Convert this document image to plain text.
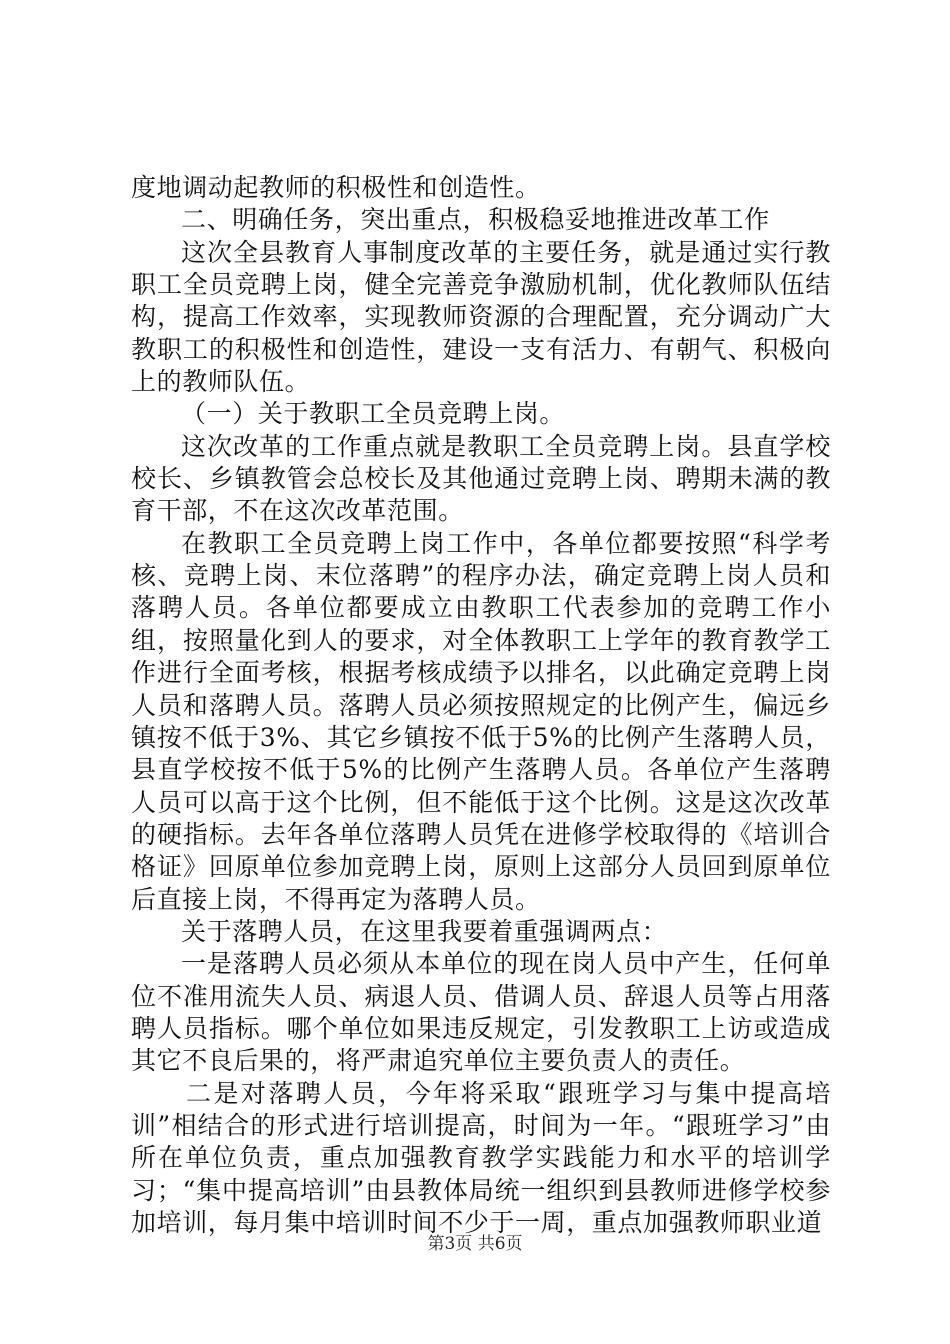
度地调动起教师的积极性和创造性。

二、明确任务，突出重点，积极稳妥地推进改革工作

这次全县教育人事制度改革的主要任务，就是通过实行教职工全员竞聘上岗，健全完善竞争激励机制，优化教师队伍结构，提高工作效率，实现教师资源的合理配置，充分调动广大教职工的积极性和创造性，建设一支有活力、有朝气、积极向上的教师队伍。

（一）关于教职工全员竞聘上岗。

这次改革的工作重点就是教职工全员竞聘上岗。县直学校校长、乡镇教管会总校长及其他通过竞聘上岗、聘期未满的教育干部，不在这次改革范围。

在教职工全员竞聘上岗工作中，各单位都要按照“科学考核、竞聘上岗、末位落聘”的程序办法，确定竞聘上岗人员和落聘人员。各单位都要成立由教职工代表参加的竞聘工作小组，按照量化到人的要求，对全体教职工上学年的教育教学工作进行全面考核，根据考核成绩予以排名，以此确定竞聘上岗人员和落聘人员。落聘人员必须按照规定的比例产生，偏远乡镇按不低于3%、其它乡镇按不低于5%的比例产生落聘人员，县直学校按不低于5%的比例产生落聘人员。各单位产生落聘人员可以高于这个比例，但不能低于这个比例。这是这次改革的硬指标。去年各单位落聘人员凭在进修学校取得的《培训合格证》回原单位参加竞聘上岗，原则上这部分人员回到原单位后直接上岗，不得再定为落聘人员。

关于落聘人员，在这里我要着重强调两点：

一是落聘人员必须从本单位的现在岗人员中产生，任何单位不准用流失人员、病退人员、借调人员、辞退人员等占用落聘人员指标。哪个单位如果违反规定，引发教职工上访或造成其它不良后果的，将严肃追究单位主要负责人的责任。

二是对落聘人员，今年将采取“跟班学习与集中提高培训”相结合的形式进行培训提高，时间为一年。“跟班学习”由所在单位负责，重点加强教育教学实践能力和水平的培训学习；“集中提高培训”由县教体局统一组织到县教师进修学校参加培训，每月集中培训时间不少于一周，重点加强教师职业道

第3页 共6页
